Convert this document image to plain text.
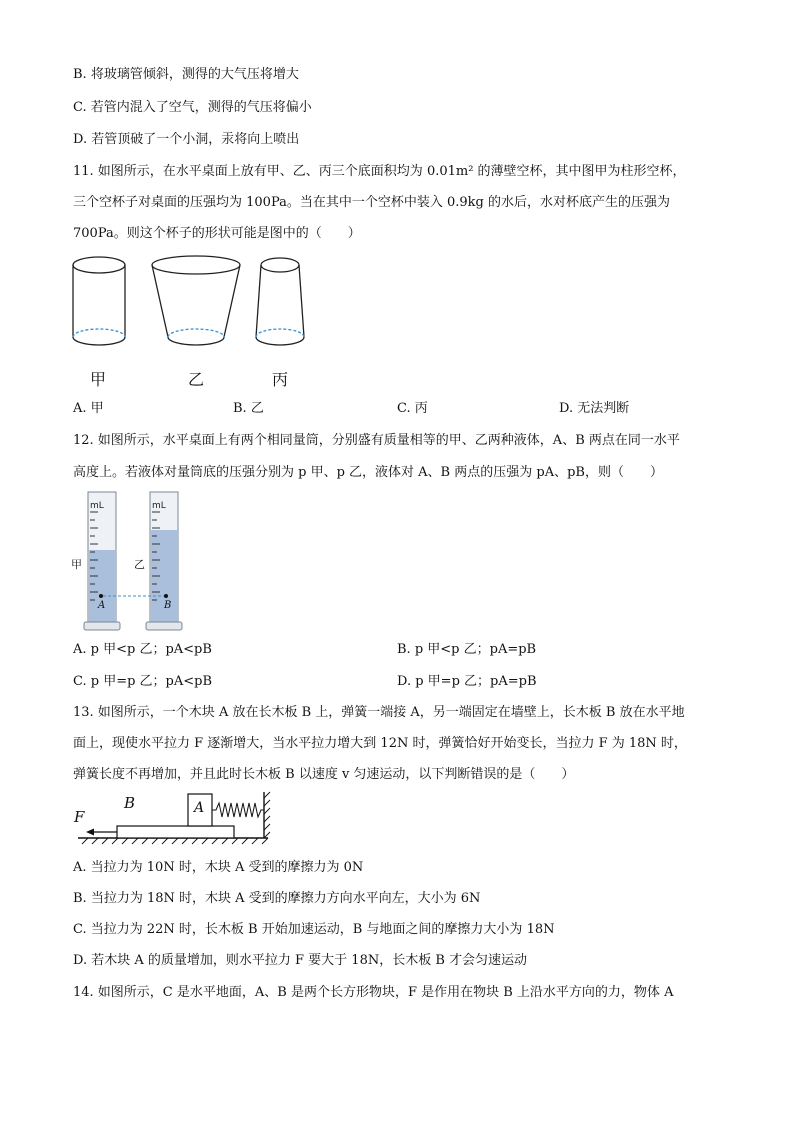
B. 将玻璃管倾斜，测得的大气压将增大
C. 若管内混入了空气，测得的气压将偏小
D. 若管顶破了一个小洞，汞将向上喷出
11. 如图所示，在水平桌面上放有甲、乙、丙三个底面积均为 0.01m² 的薄壁空杯，其中图甲为柱形空杯，
三个空杯子对桌面的压强均为 100Pa。当在其中一个空杯中装入 0.9kg 的水后，水对杯底产生的压强为
700Pa。则这个杯子的形状可能是图中的（　　）
甲	乙	丙
A. 甲	B. 乙	C. 丙	D. 无法判断
12. 如图所示，水平桌面上有两个相同量筒，分别盛有质量相等的甲、乙两种液体，A、B 两点在同一水平
高度上。若液体对量筒底的压强分别为 p 甲、p 乙，液体对 A、B 两点的压强为 pA、pB，则（　　）
mL
A
甲
mL
B
乙
A. p 甲<p 乙；pA<pB	B. p 甲<p 乙；pA=pB
C. p 甲=p 乙；pA<pB	D. p 甲=p 乙；pA=pB
13. 如图所示，一个木块 A 放在长木板 B 上，弹簧一端接 A，另一端固定在墙壁上，长木板 B 放在水平地
面上，现使水平拉力 F 逐渐增大，当水平拉力增大到 12N 时，弹簧恰好开始变长，当拉力 F 为 18N 时，
弹簧长度不再增加，并且此时长木板 B 以速度 v 匀速运动，以下判断错误的是（　　）
B	A
F
A. 当拉力为 10N 时，木块 A 受到的摩擦力为 0N
B. 当拉力为 18N 时，木块 A 受到的摩擦力方向水平向左，大小为 6N
C. 当拉力为 22N 时，长木板 B 开始加速运动，B 与地面之间的摩擦力大小为 18N
D. 若木块 A 的质量增加，则水平拉力 F 要大于 18N，长木板 B 才会匀速运动
14. 如图所示，C 是水平地面，A、B 是两个长方形物块，F 是作用在物块 B 上沿水平方向的力，物体 A
